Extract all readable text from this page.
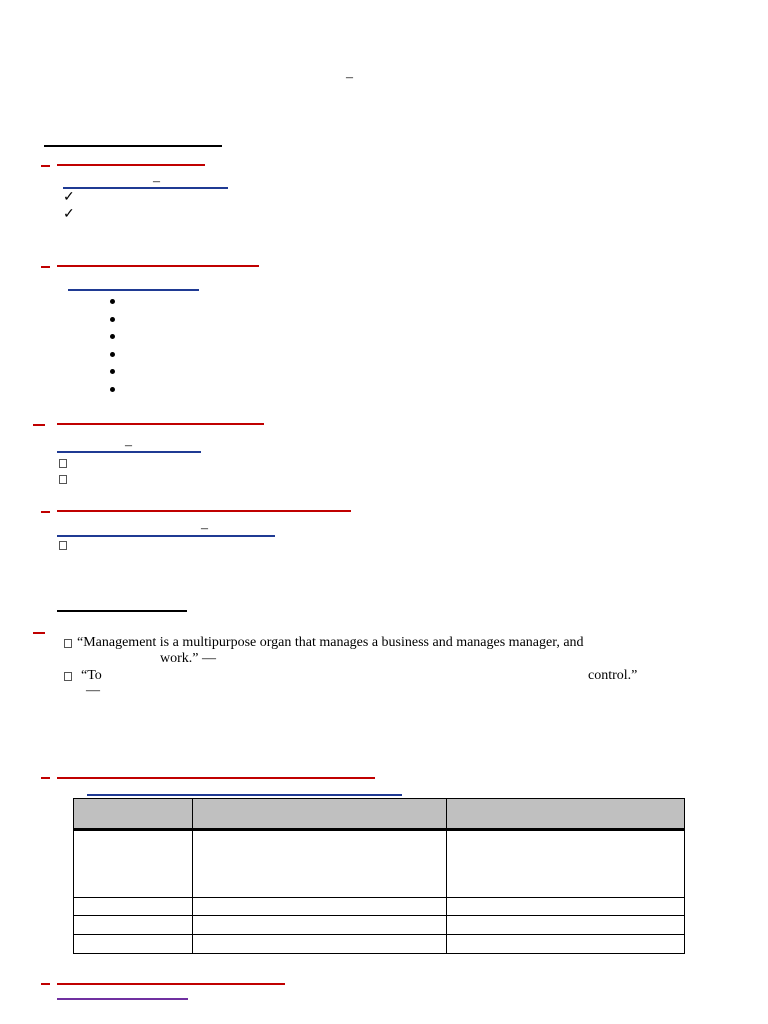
–
–
✓
✓
–
–
“Management is a multipurpose organ that manages a business and manages manager, and
work.” —
“To	control.”
—
